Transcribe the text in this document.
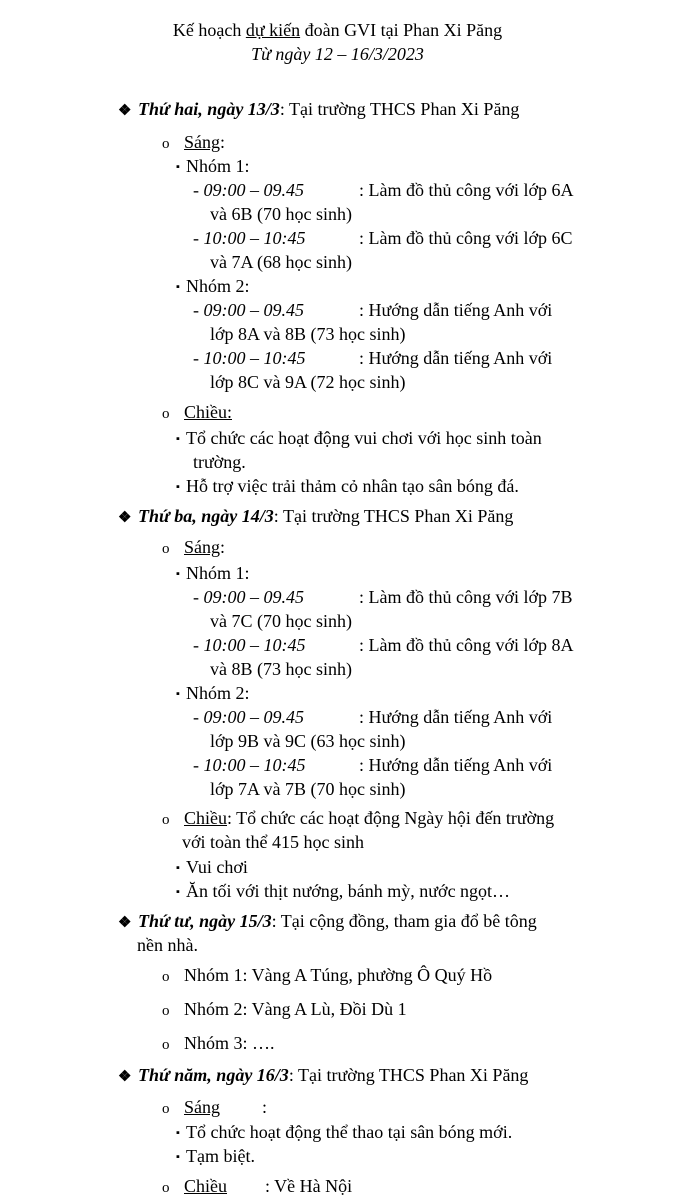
Kế hoạch dự kiến đoàn GVI tại Phan Xi Păng
Từ ngày 12 – 16/3/2023
❖ Thứ hai, ngày 13/3: Tại trường THCS Phan Xi Păng
o Sáng:
▪ Nhóm 1:
- 09:00 – 09.45	: Làm đồ thủ công với lớp 6A
và 6B (70 học sinh)
- 10:00 – 10:45	: Làm đồ thủ công với lớp 6C
và 7A (68 học sinh)
▪ Nhóm 2:
- 09:00 – 09.45	: Hướng dẫn tiếng Anh với
lớp 8A và 8B (73 học sinh)
- 10:00 – 10:45	: Hướng dẫn tiếng Anh với
lớp 8C và 9A (72 học sinh)
o Chiều:
▪ Tổ chức các hoạt động vui chơi với học sinh toàn
trường.
▪ Hỗ trợ việc trải thảm cỏ nhân tạo sân bóng đá.
❖ Thứ ba, ngày 14/3: Tại trường THCS Phan Xi Păng
o Sáng:
▪ Nhóm 1:
- 09:00 – 09.45	: Làm đồ thủ công với lớp 7B
và 7C (70 học sinh)
- 10:00 – 10:45	: Làm đồ thủ công với lớp 8A
và 8B (73 học sinh)
▪ Nhóm 2:
- 09:00 – 09.45	: Hướng dẫn tiếng Anh với
lớp 9B và 9C (63 học sinh)
- 10:00 – 10:45	: Hướng dẫn tiếng Anh với
lớp 7A và 7B (70 học sinh)
o Chiều: Tổ chức các hoạt động Ngày hội đến trường
với toàn thể 415 học sinh
▪ Vui chơi
▪ Ăn tối với thịt nướng, bánh mỳ, nước ngọt…
❖ Thứ tư, ngày 15/3: Tại cộng đồng, tham gia đổ bê tông
nền nhà.
o Nhóm 1: Vàng A Túng, phường Ô Quý Hồ
o Nhóm 2: Vàng A Lù, Đồi Dù 1
o Nhóm 3: ….
❖ Thứ năm, ngày 16/3: Tại trường THCS Phan Xi Păng
o Sáng :
▪ Tổ chức hoạt động thể thao tại sân bóng mới.
▪ Tạm biệt.
o Chiều : Về Hà Nội
